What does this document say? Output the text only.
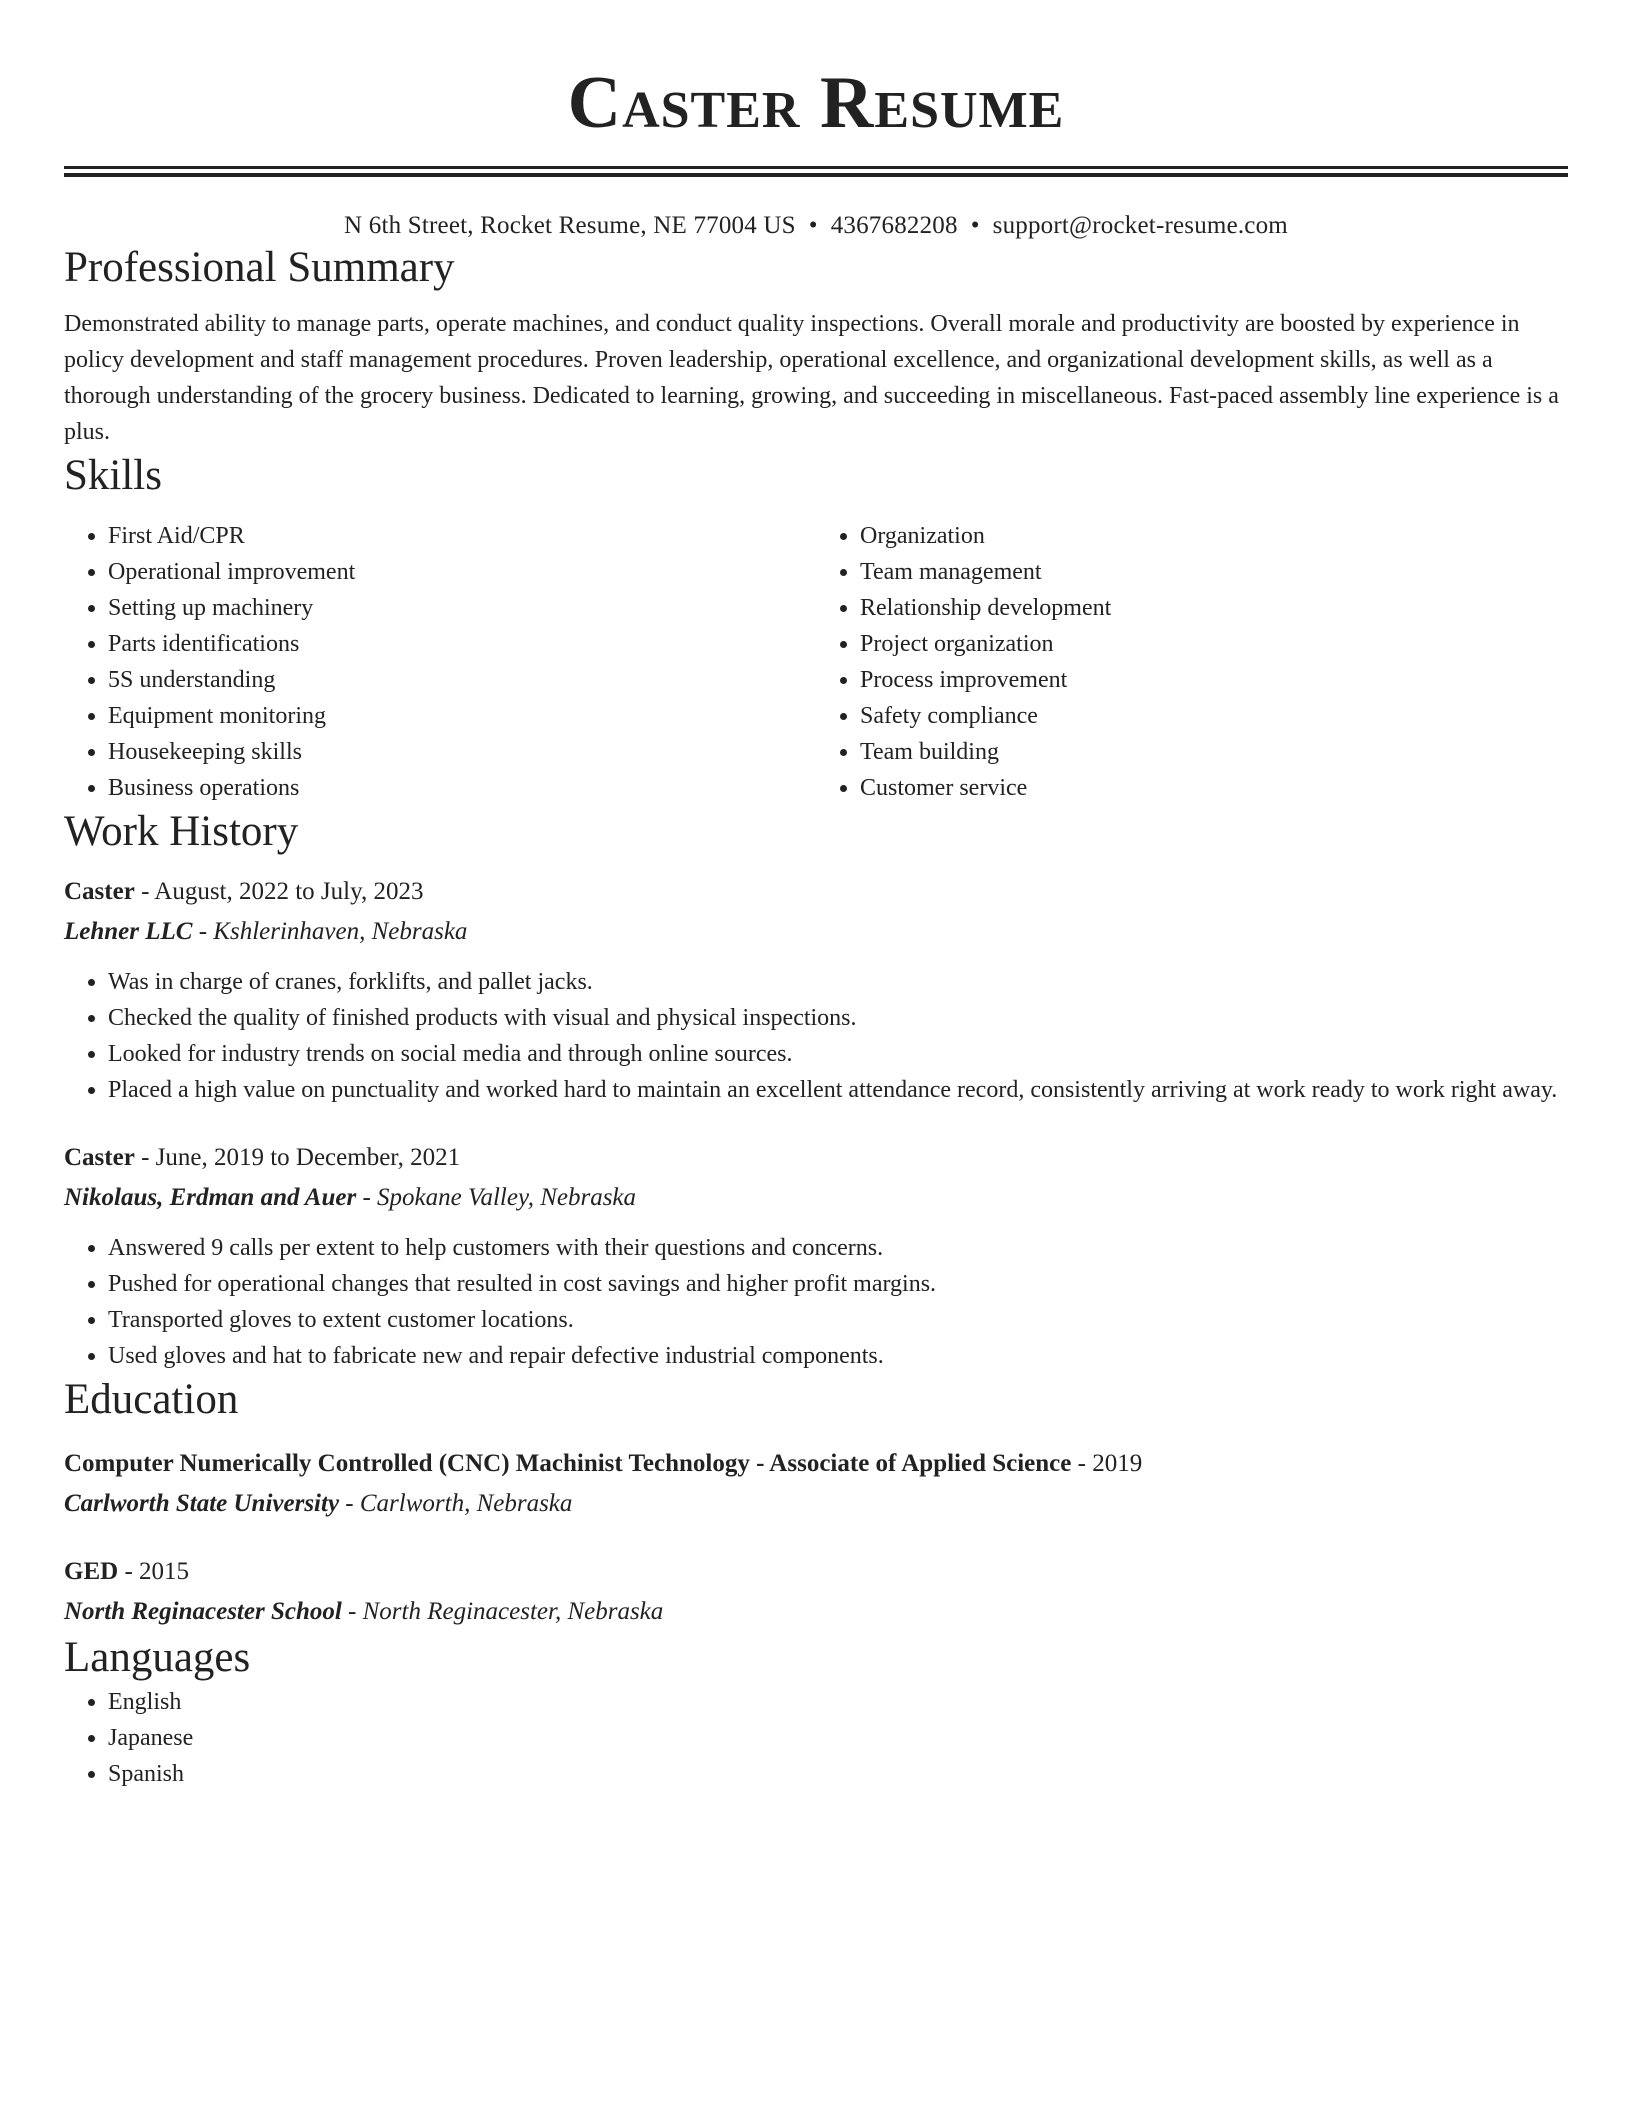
Caster Resume
N 6th Street, Rocket Resume, NE 77004 US • 4367682208 • support@rocket-resume.com
Professional Summary

Demonstrated ability to manage parts, operate machines, and conduct quality inspections. Overall morale and productivity are boosted by experience in policy development and staff management procedures. Proven leadership, operational excellence, and organizational development skills, as well as a thorough understanding of the grocery business. Dedicated to learning, growing, and succeeding in miscellaneous. Fast-paced assembly line experience is a plus.

Skills
• First Aid/CPR
• Operational improvement
• Setting up machinery
• Parts identifications
• 5S understanding
• Equipment monitoring
• Housekeeping skills
• Business operations
• Organization
• Team management
• Relationship development
• Project organization
• Process improvement
• Safety compliance
• Team building
• Customer service
Work History
Caster - August, 2022 to July, 2023
Lehner LLC - Kshlerinhaven, Nebraska
• Was in charge of cranes, forklifts, and pallet jacks.
• Checked the quality of finished products with visual and physical inspections.
• Looked for industry trends on social media and through online sources.
• Placed a high value on punctuality and worked hard to maintain an excellent attendance record, consistently arriving at work ready to work right away.
Caster - June, 2019 to December, 2021
Nikolaus, Erdman and Auer - Spokane Valley, Nebraska
• Answered 9 calls per extent to help customers with their questions and concerns.
• Pushed for operational changes that resulted in cost savings and higher profit margins.
• Transported gloves to extent customer locations.
• Used gloves and hat to fabricate new and repair defective industrial components.
Education
Computer Numerically Controlled (CNC) Machinist Technology - Associate of Applied Science - 2019
Carlworth State University - Carlworth, Nebraska
GED - 2015
North Reginacester School - North Reginacester, Nebraska
Languages
• English
• Japanese
• Spanish
